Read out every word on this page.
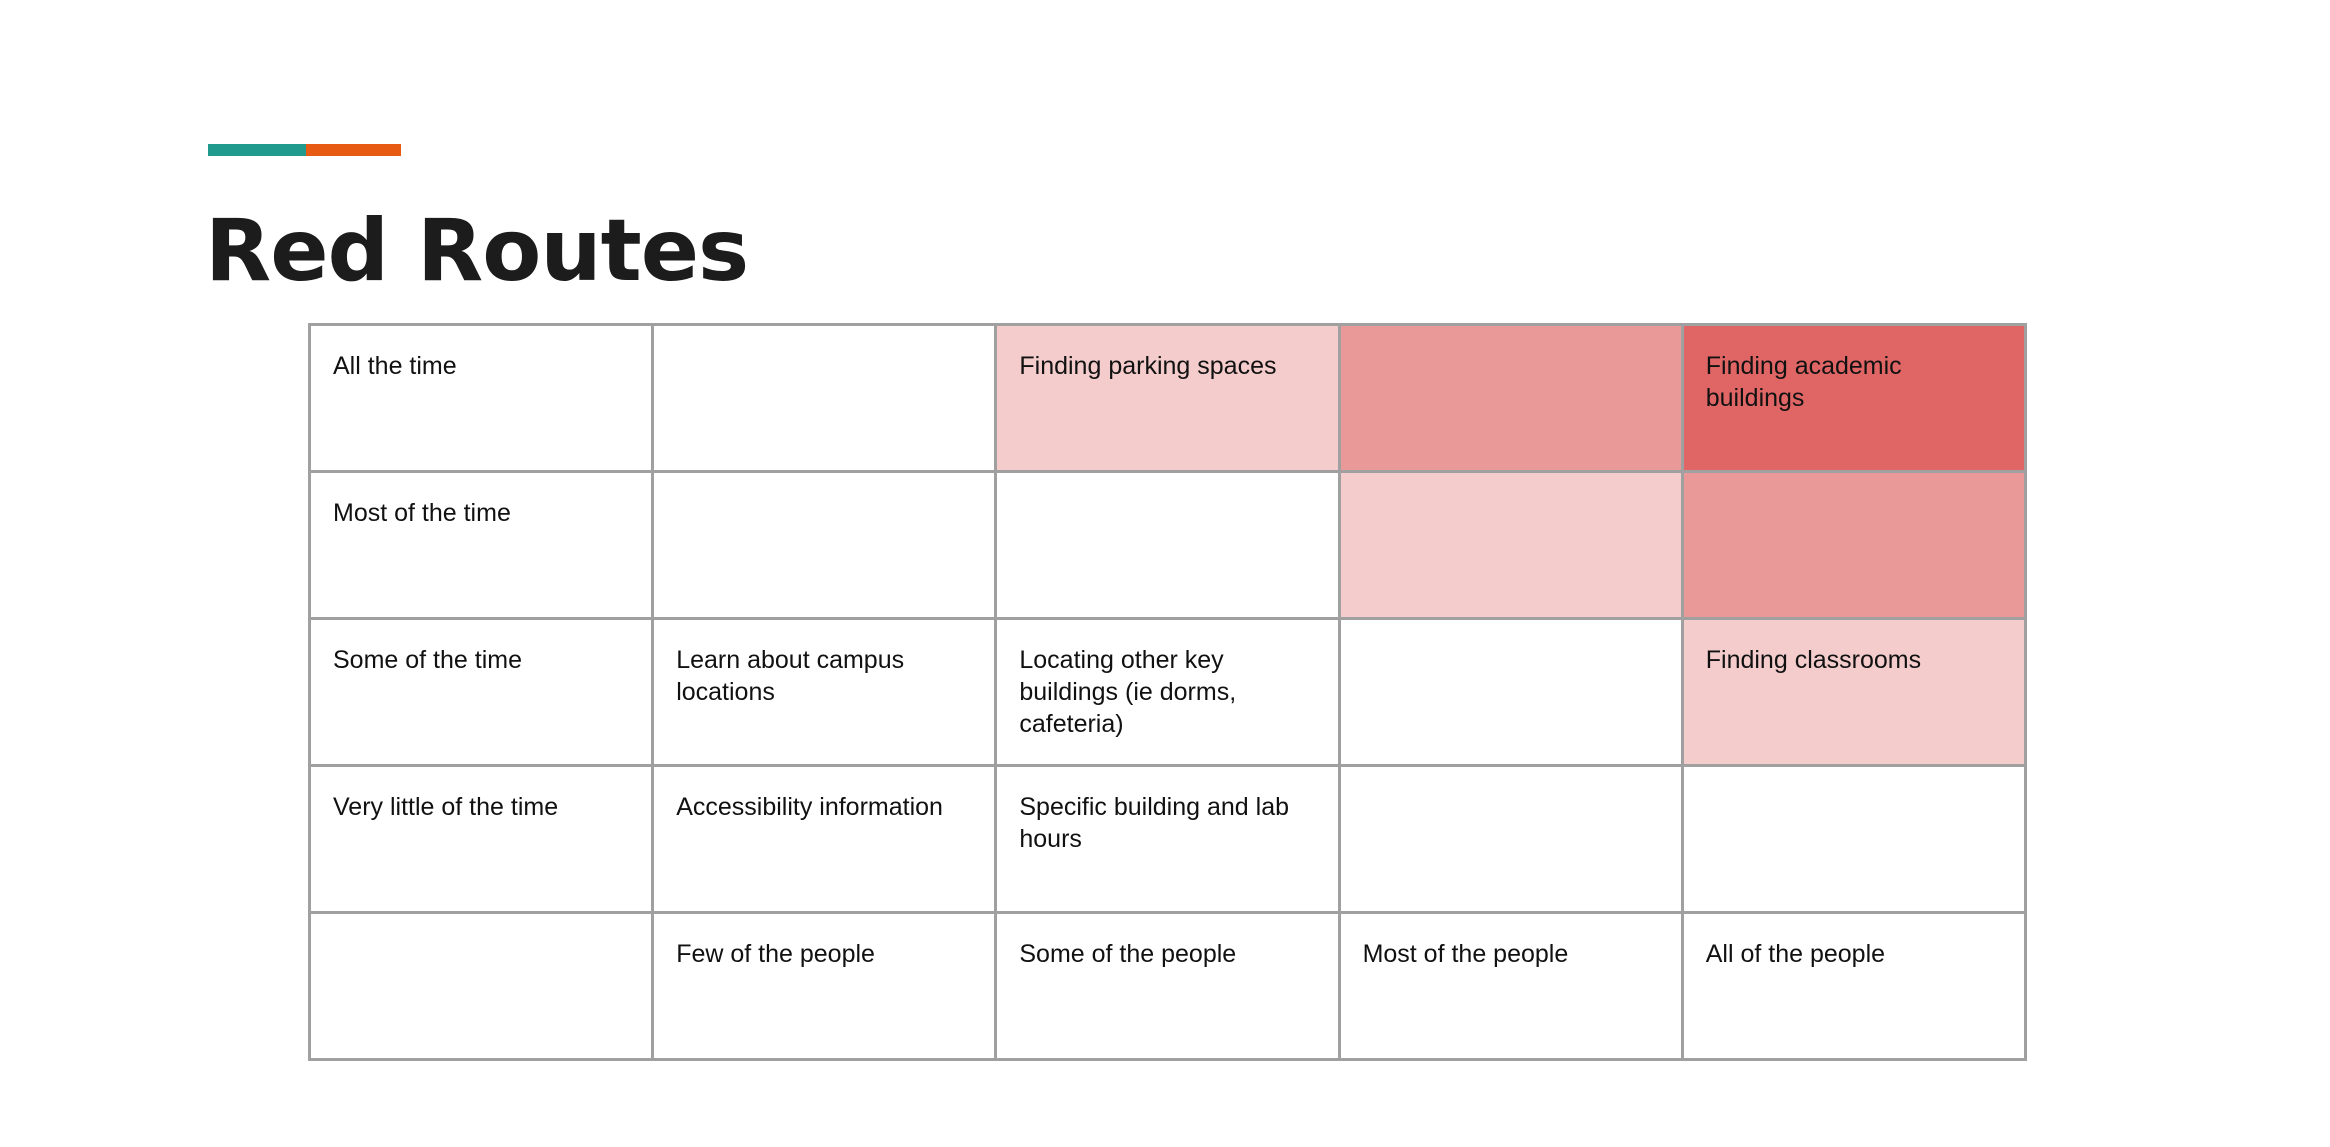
Red Routes
All the time		Finding parking spaces		Finding academic buildings
Most of the time				
Some of the time	Learn about campus locations	Locating other key buildings (ie dorms, cafeteria)		Finding classrooms
Very little of the time	Accessibility information	Specific building and lab hours		
	Few of the people	Some of the people	Most of the people	All of the people
